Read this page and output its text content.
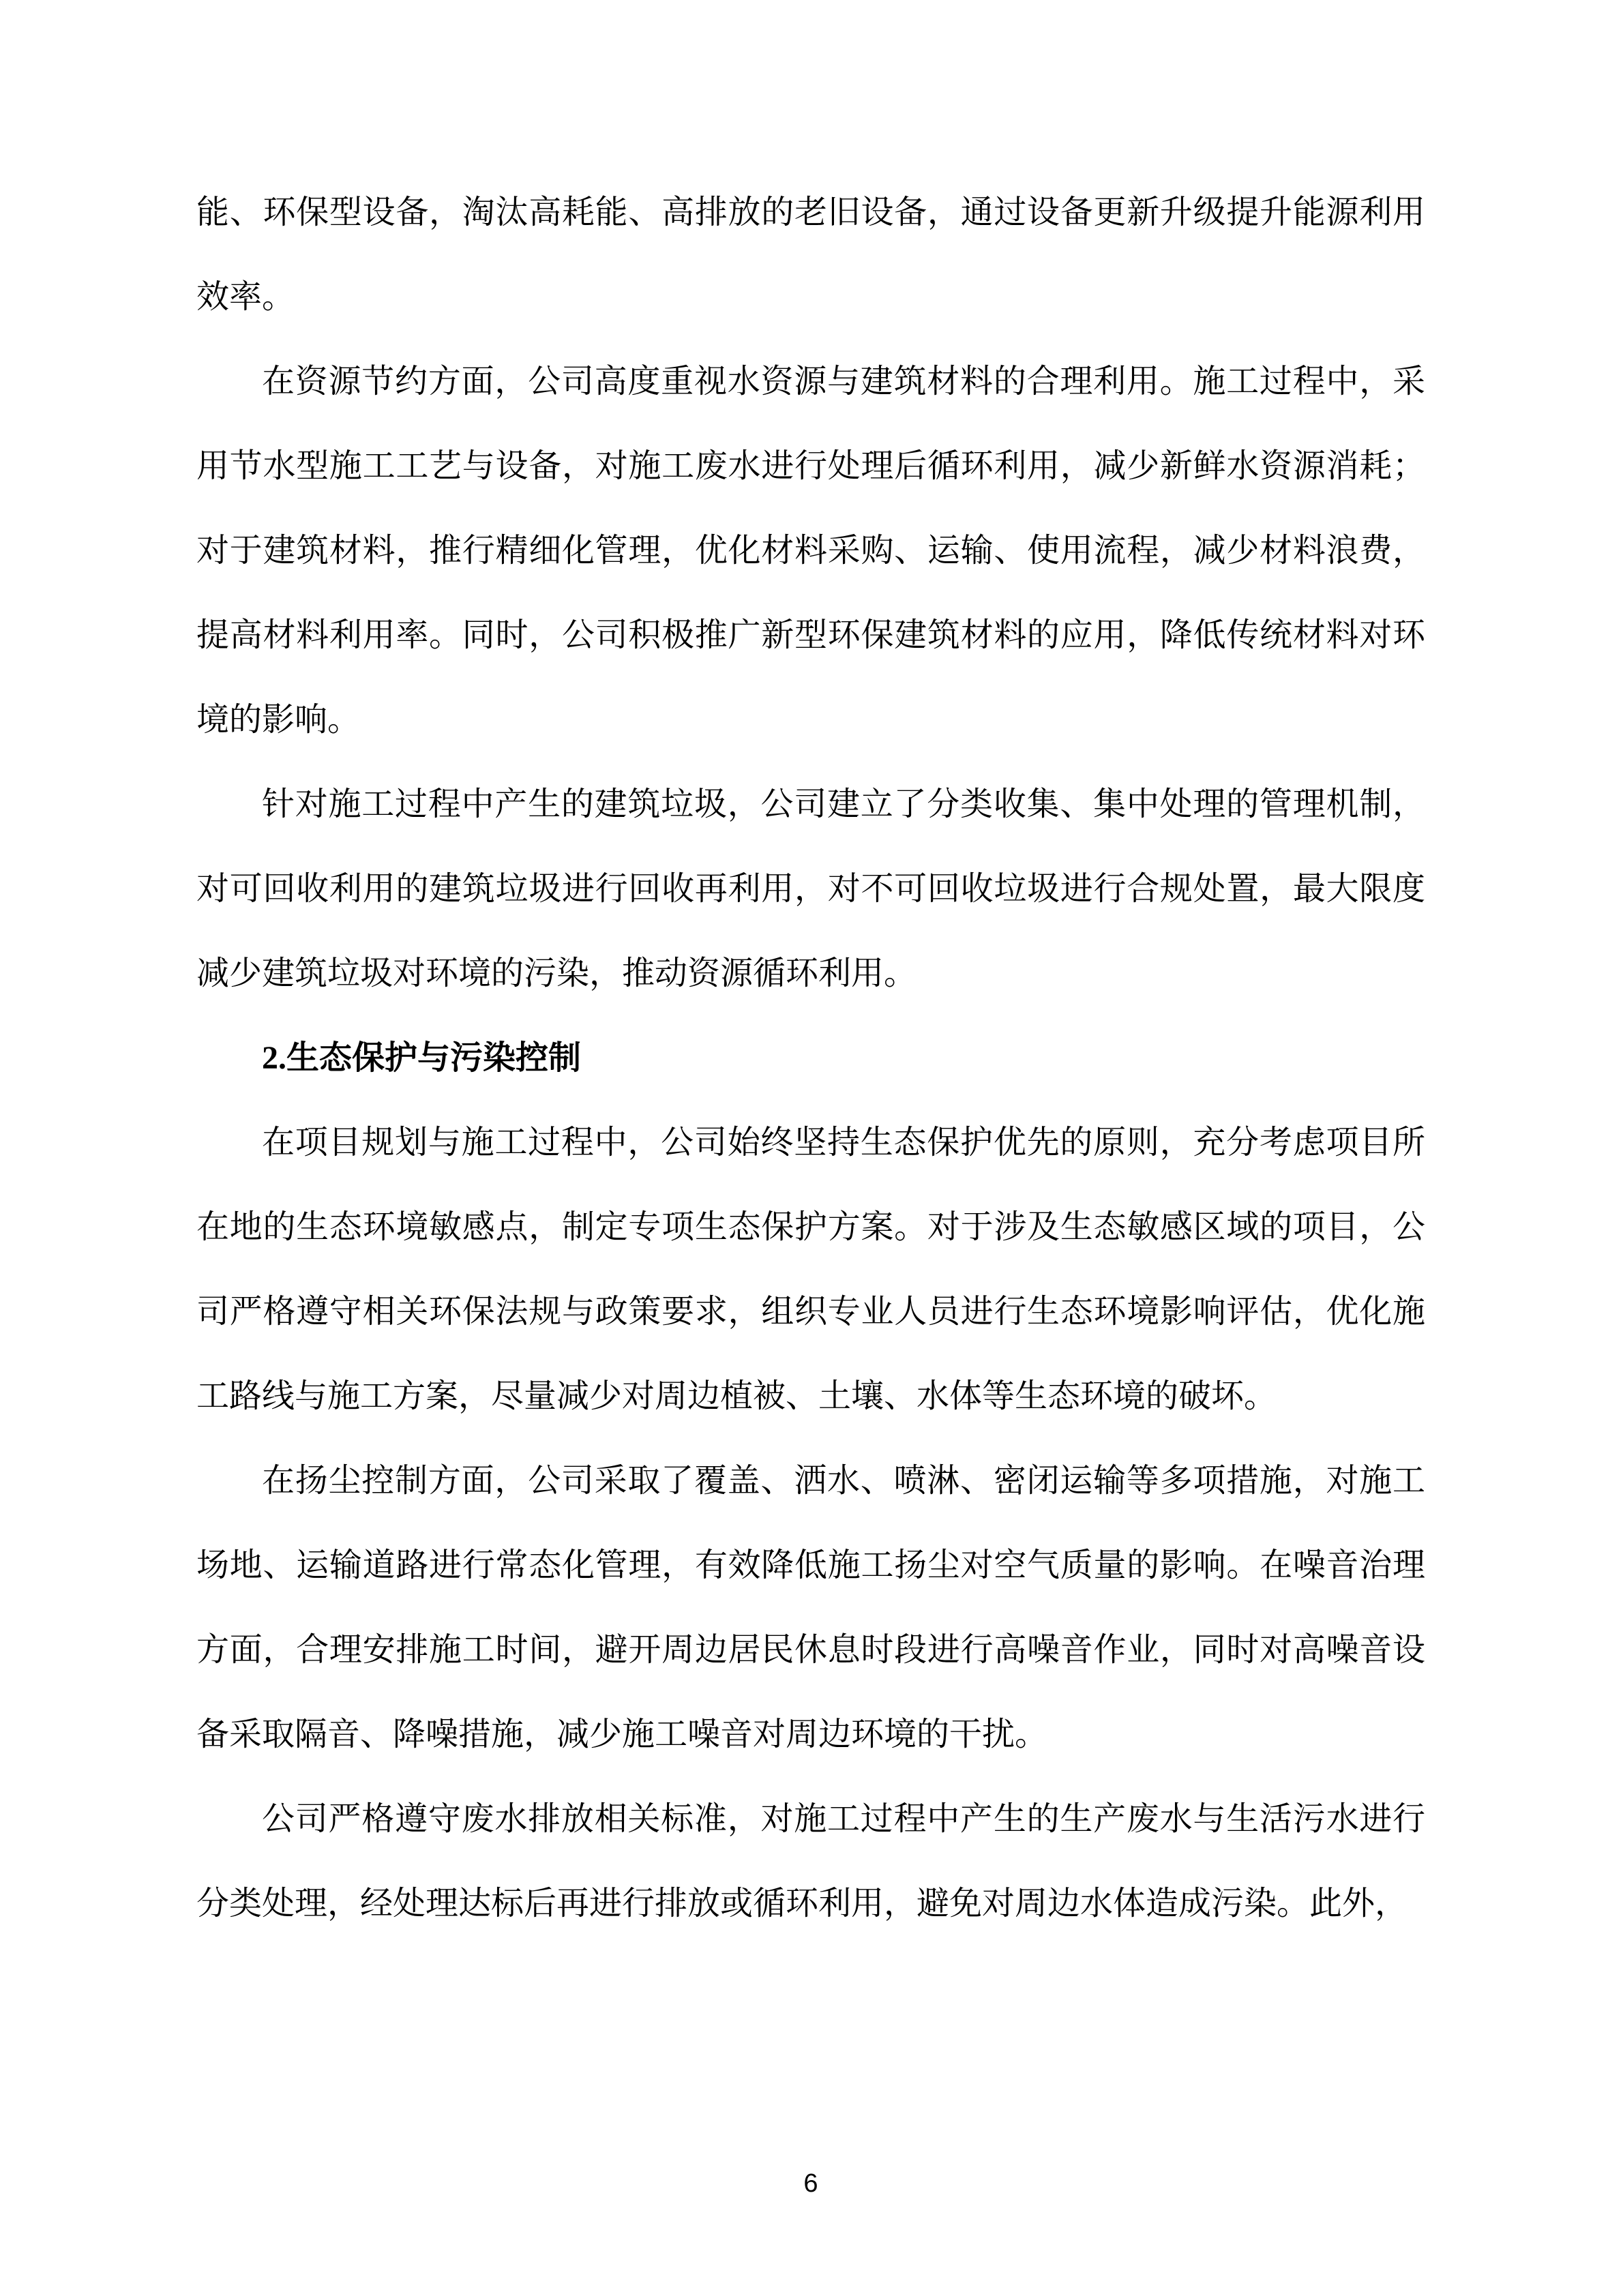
能、环保型设备，淘汰高耗能、高排放的老旧设备，通过设备更新升级提升能源利用效率。

在资源节约方面，公司高度重视水资源与建筑材料的合理利用。施工过程中，采用节水型施工工艺与设备，对施工废水进行处理后循环利用，减少新鲜水资源消耗；对于建筑材料，推行精细化管理，优化材料采购、运输、使用流程，减少材料浪费，提高材料利用率。同时，公司积极推广新型环保建筑材料的应用，降低传统材料对环境的影响。

针对施工过程中产生的建筑垃圾，公司建立了分类收集、集中处理的管理机制，对可回收利用的建筑垃圾进行回收再利用，对不可回收垃圾进行合规处置，最大限度减少建筑垃圾对环境的污染，推动资源循环利用。

2.生态保护与污染控制

在项目规划与施工过程中，公司始终坚持生态保护优先的原则，充分考虑项目所在地的生态环境敏感点，制定专项生态保护方案。对于涉及生态敏感区域的项目，公司严格遵守相关环保法规与政策要求，组织专业人员进行生态环境影响评估，优化施工路线与施工方案，尽量减少对周边植被、土壤、水体等生态环境的破坏。

在扬尘控制方面，公司采取了覆盖、洒水、喷淋、密闭运输等多项措施，对施工场地、运输道路进行常态化管理，有效降低施工扬尘对空气质量的影响。在噪音治理方面，合理安排施工时间，避开周边居民休息时段进行高噪音作业，同时对高噪音设备采取隔音、降噪措施，减少施工噪音对周边环境的干扰。

公司严格遵守废水排放相关标准，对施工过程中产生的生产废水与生活污水进行分类处理，经处理达标后再进行排放或循环利用，避免对周边水体造成污染。此外，

6
